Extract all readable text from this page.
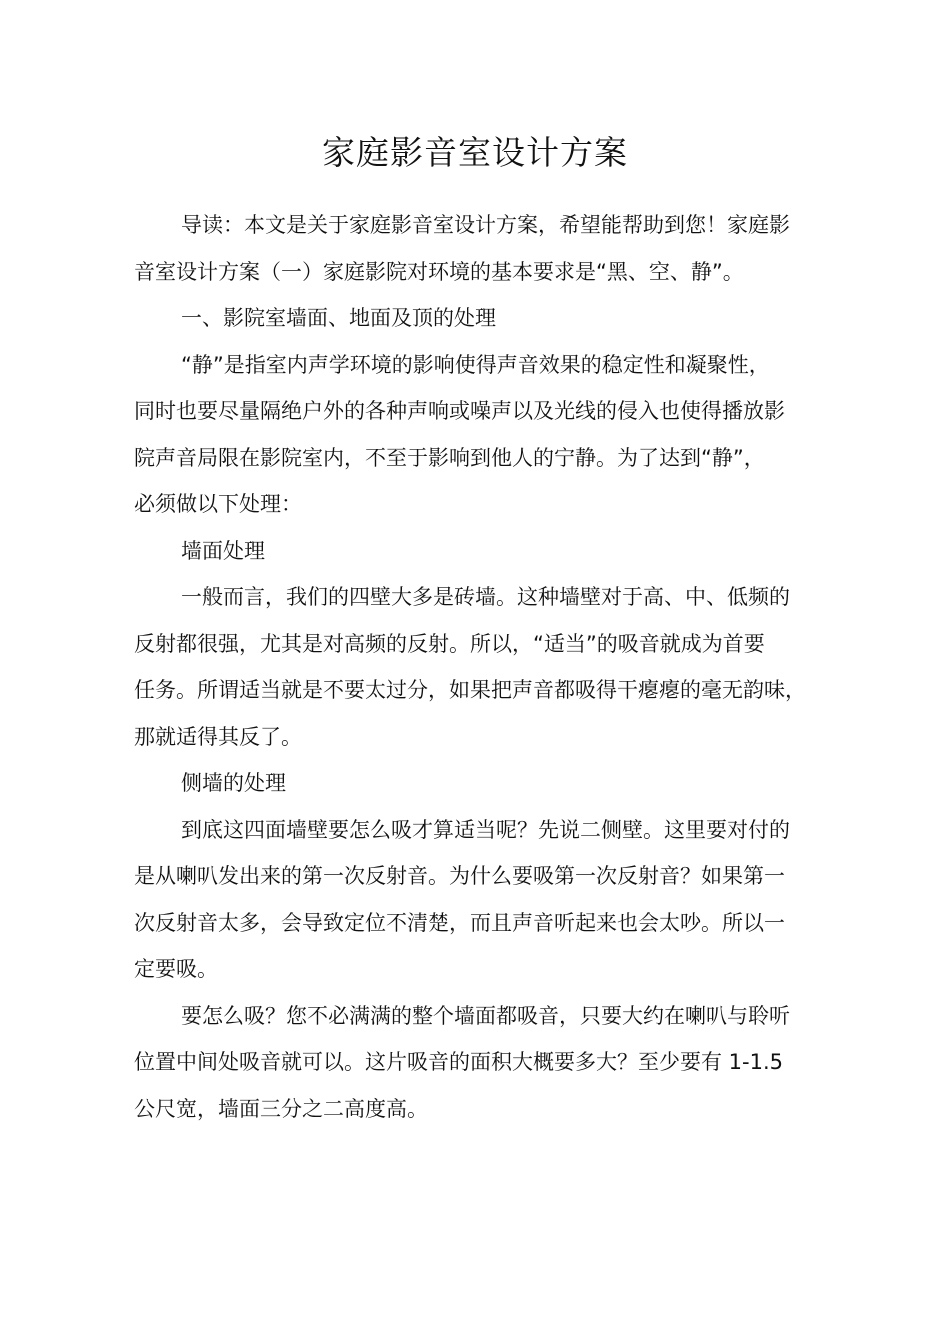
家庭影音室设计方案

导读：本文是关于家庭影音室设计方案，希望能帮助到您！家庭影

音室设计方案（一）家庭影院对环境的基本要求是“黑、空、静”。

一、影院室墙面、地面及顶的处理

“静”是指室内声学环境的影响使得声音效果的稳定性和凝聚性，

同时也要尽量隔绝户外的各种声响或噪声以及光线的侵入也使得播放影

院声音局限在影院室内，不至于影响到他人的宁静。为了达到“静”，

必须做以下处理：

墙面处理

一般而言，我们的四壁大多是砖墙。这种墙壁对于高、中、低频的

反射都很强，尤其是对高频的反射。所以，“适当”的吸音就成为首要

任务。所谓适当就是不要太过分，如果把声音都吸得干瘪瘪的毫无韵味，

那就适得其反了。

侧墙的处理

到底这四面墙壁要怎么吸才算适当呢？先说二侧壁。这里要对付的

是从喇叭发出来的第一次反射音。为什么要吸第一次反射音？如果第一

次反射音太多，会导致定位不清楚，而且声音听起来也会太吵。所以一

定要吸。

要怎么吸？您不必满满的整个墙面都吸音，只要大约在喇叭与聆听

位置中间处吸音就可以。这片吸音的面积大概要多大？至少要有 1-1.5

公尺宽，墙面三分之二高度高。
